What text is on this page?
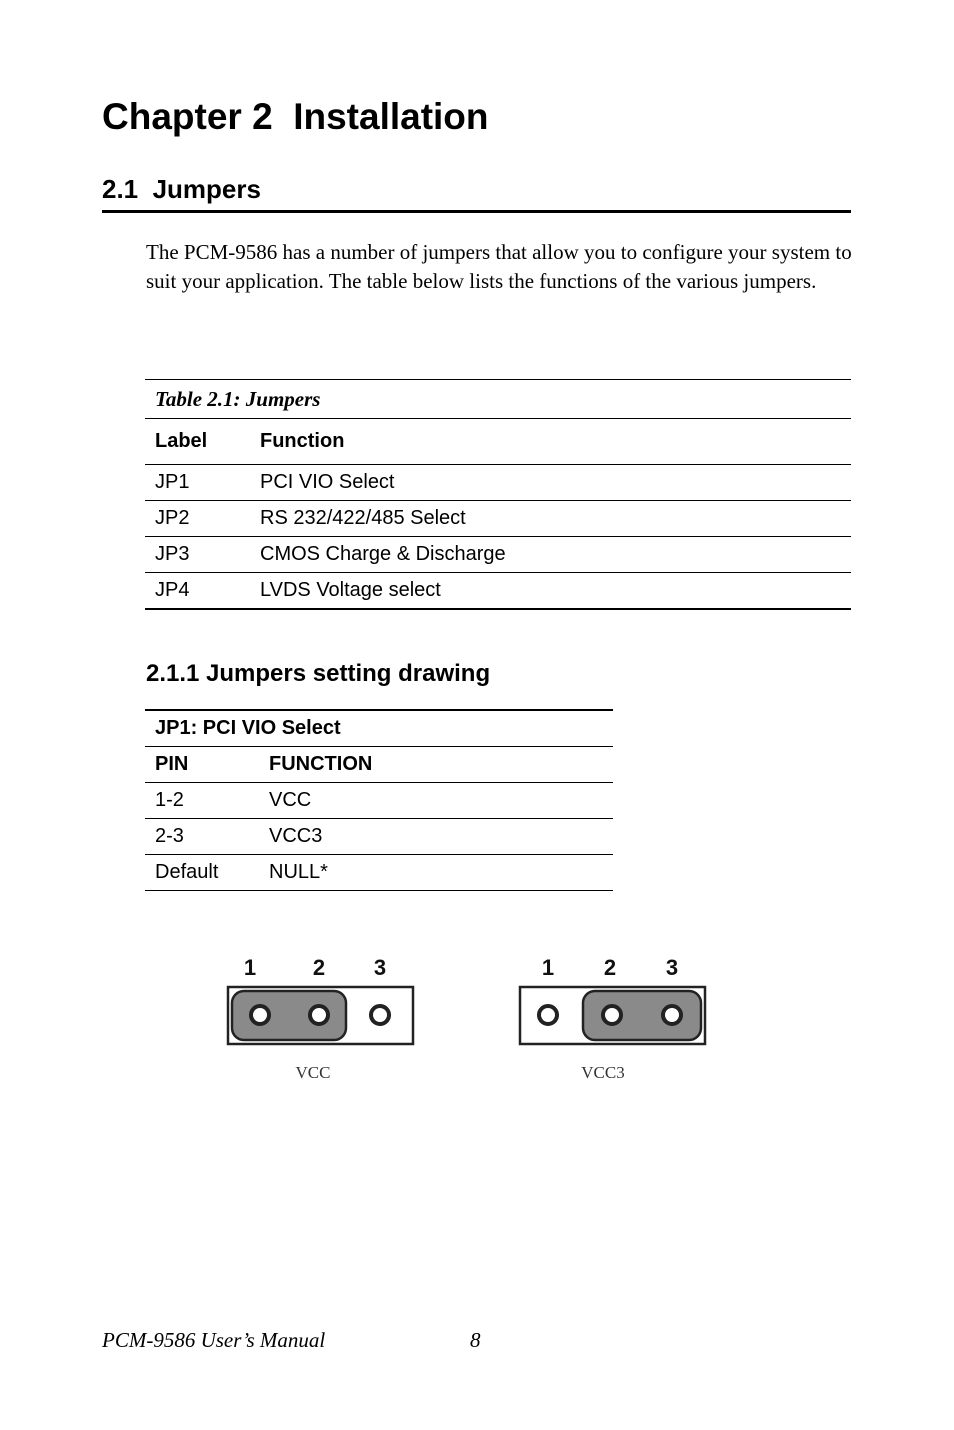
Chapter 2  Installation
2.1  Jumpers

The PCM-9586 has a number of jumpers that allow you to configure your system to suit your application. The table below lists the functions of the various jumpers.

Table 2.1: Jumpers
Label	Function
JP1	PCI VIO Select
JP2	RS 232/422/485 Select
JP3	CMOS Charge & Discharge
JP4	LVDS Voltage select
2.1.1 Jumpers setting drawing
JP1: PCI VIO Select	
PIN	FUNCTION
1-2	VCC
2-3	VCC3
Default	NULL*
1	2 3	1 2 3
VCC	VCC3
PCM-9586 User’s Manual	8
